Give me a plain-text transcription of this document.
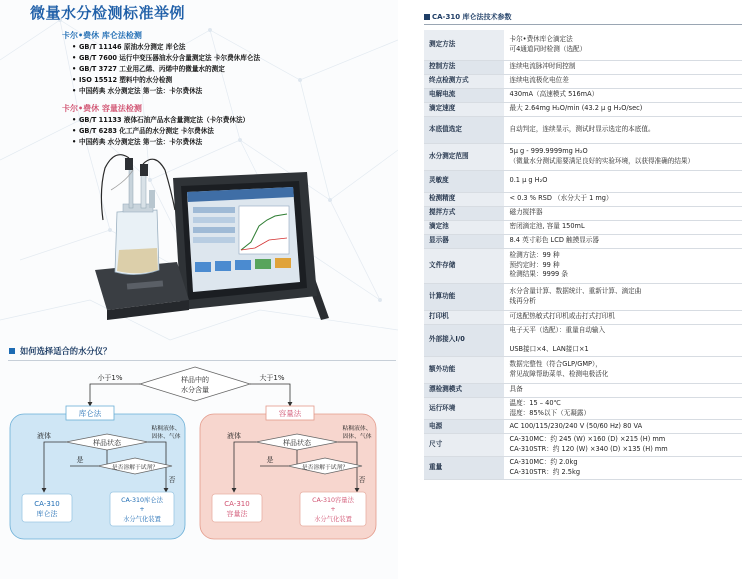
微量水分检测标准举例
卡尔•费休 库仑法检测
• GB/T 11146 原油水分测定 库仑法
• GB/T 7600 运行中变压器油水分含量测定法 卡尔费休库仑法
• GB/T 3727 工业用乙烯、丙烯中的微量水的测定
• ISO 15512 塑料中的水分检测
• 中国药典 水分测定法 第一法：卡尔费休法
卡尔•费休 容量法检测
• GB/T 11133 液体石油产品水含量测定法（卡尔费休法）
• GB/T 6283 化工产品的水分测定 卡尔费休法
• 中国药典 水分测定法 第一法：卡尔费休法
如何选择适合的水分仪？
样品中的
水分含量
小于1%	大于1%
库仑法
样品状态
液体
粘稠液体、
固体、气体
是否溶解于试剂？
是
否
CA-310
库仑法
CA-310库仑法
+
水分气化装置
容量法
样品状态
液体
粘稠液体、
固体、气体
是否溶解于试剂？
是
否
CA-310
容量法
CA-310容量法
+
水分气化装置
CA-310 库仑法技术参数
测定方法	卡尔•费休库仑滴定法
可4通道同时检测（选配）

控制方法	连续电流脉冲时间控制

终点检测方式	连续电流极化电位差

电解电流	430mA（高速模式 516mA）

滴定速度	最大 2.64mg H₂O/min (43.2 μ g H₂O/sec)

本底值选定	自动判定，连续显示，测试时显示选定的本底值。

水分测定范围	5μ g - 999.9999mg H₂O
（微量水分测试需要满足良好的实验环境，以获得准确的结果）

灵敏度	0.1 μ g H₂O

检测精度	< 0.3 % RSD （水分大于 1 mg）

搅拌方式	磁力搅拌器

滴定池	密闭滴定池, 容量 150mL

显示器	8.4 英寸彩色 LCD 触摸显示器

文件存储	检测方法：99 种
预约定时：99 种
检测结果：9999 条

计算功能	水分含量计算、数据统计、重新计算、滴定曲
线再分析

打印机	可选配热敏式打印机或击打式打印机

外部接入I/0	电子天平（选配）：重量自动输入

USB接口×4、LAN接口×1

额外功能	数据完整性（符合GLP/GMP），
常见故障帮助菜单、检测电极活化

漂检测模式	具备

运行环境	温度：15 – 40℃
湿度：85%以下（无凝露）

电源	AC 100/115/230/240 V (50/60 Hz) 80 VA

尺寸	CA-310MC：约 245 (W) ×160 (D) ×215 (H) mm
CA-310STR：约 120 (W) ×340 (D) ×135 (H) mm

重量	CA-310MC：约 2.0kg
CA-310STR：约 2.5kg
